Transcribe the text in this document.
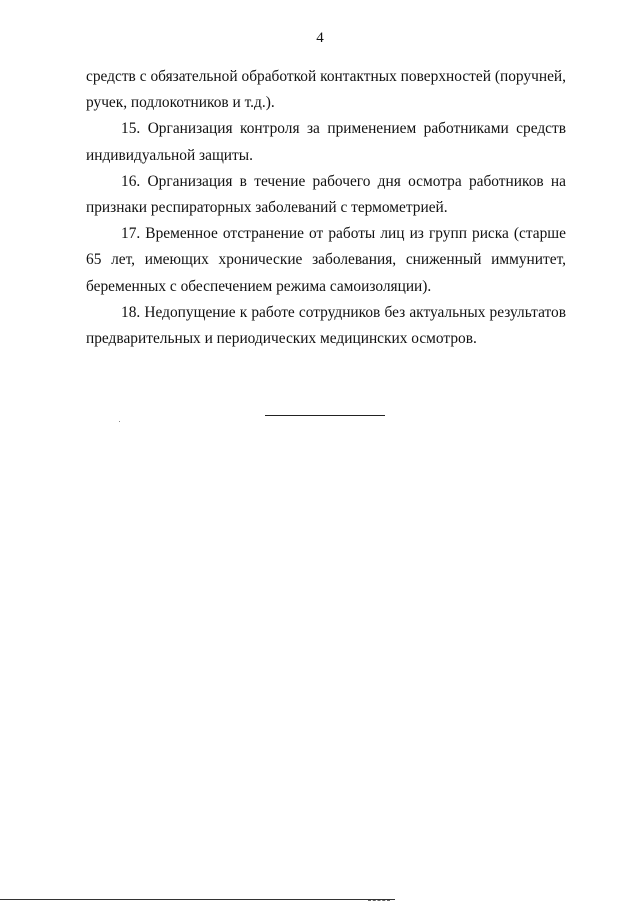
4

средств с обязательной обработкой контактных поверхностей (поручней, ручек, подлокотников и т.д.).

15. Организация контроля за применением работниками средств индивидуальной защиты.

16. Организация в течение рабочего дня осмотра работников на признаки респираторных заболеваний с термометрией.

17. Временное отстранение от работы лиц из групп риска (старше 65 лет, имеющих хронические заболевания, сниженный иммунитет, беременных с обеспечением режима самоизоляции).

18. Недопущение к работе сотрудников без актуальных результатов предварительных и периодических медицинских осмотров.
